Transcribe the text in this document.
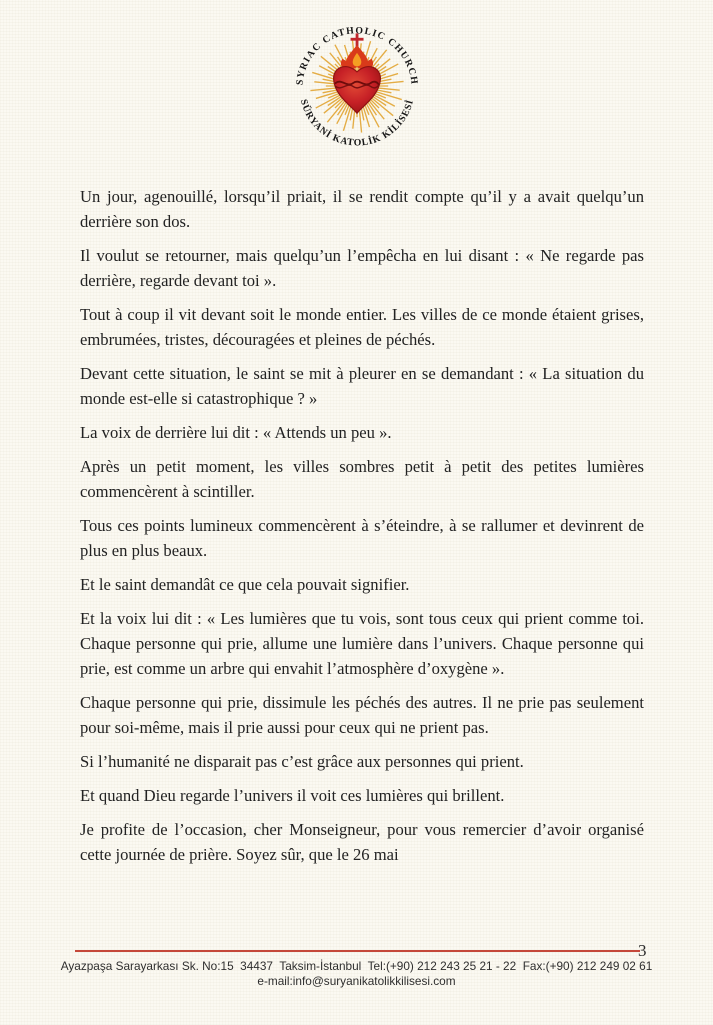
SYRIAC CATHOLIC CHURCH
SÜRYANİ KATOLİK KİLİSESİ

Un jour, agenouillé, lorsqu’il priait, il se rendit compte qu’il y a avait quelqu’un derrière son dos.

Il voulut se retourner, mais quelqu’un l’empêcha en lui disant : « Ne regarde pas derrière, regarde devant toi ».

Tout à coup il vit devant soit le monde entier. Les villes de ce monde étaient grises, embrumées, tristes, découragées et pleines de péchés.

Devant cette situation, le saint se mit à pleurer en se demandant : « La situation du monde est-elle si catastrophique ? »

La voix de derrière lui dit : « Attends un peu ».

Après un petit moment, les villes sombres petit à petit des petites lumières commencèrent à scintiller.

Tous ces points lumineux commencèrent à s’éteindre, à se rallumer et devinrent de plus en plus beaux.

Et le saint demandât ce que cela pouvait signifier.

Et la voix lui dit : « Les lumières que tu vois, sont tous ceux qui prient comme toi. Chaque personne qui prie, allume une lumière dans l’univers. Chaque personne qui prie, est comme un arbre qui envahit l’atmosphère d’oxygène ».

Chaque personne qui prie, dissimule les péchés des autres. Il ne prie pas seulement pour soi-même, mais il prie aussi pour ceux qui ne prient pas.

Si l’humanité ne disparait pas c’est grâce aux personnes qui prient.

Et quand Dieu regarde l’univers il voit ces lumières qui brillent.

Je profite de l’occasion, cher Monseigneur, pour vous remercier d’avoir organisé cette journée de prière. Soyez sûr, que le 26 mai

3
Ayazpaşa Sarayarkası Sk. No:15  34437  Taksim-İstanbul  Tel:(+90) 212 243 25 21 - 22  Fax:(+90) 212 249 02 61
e-mail:info@suryanikatolikkilisesi.com
